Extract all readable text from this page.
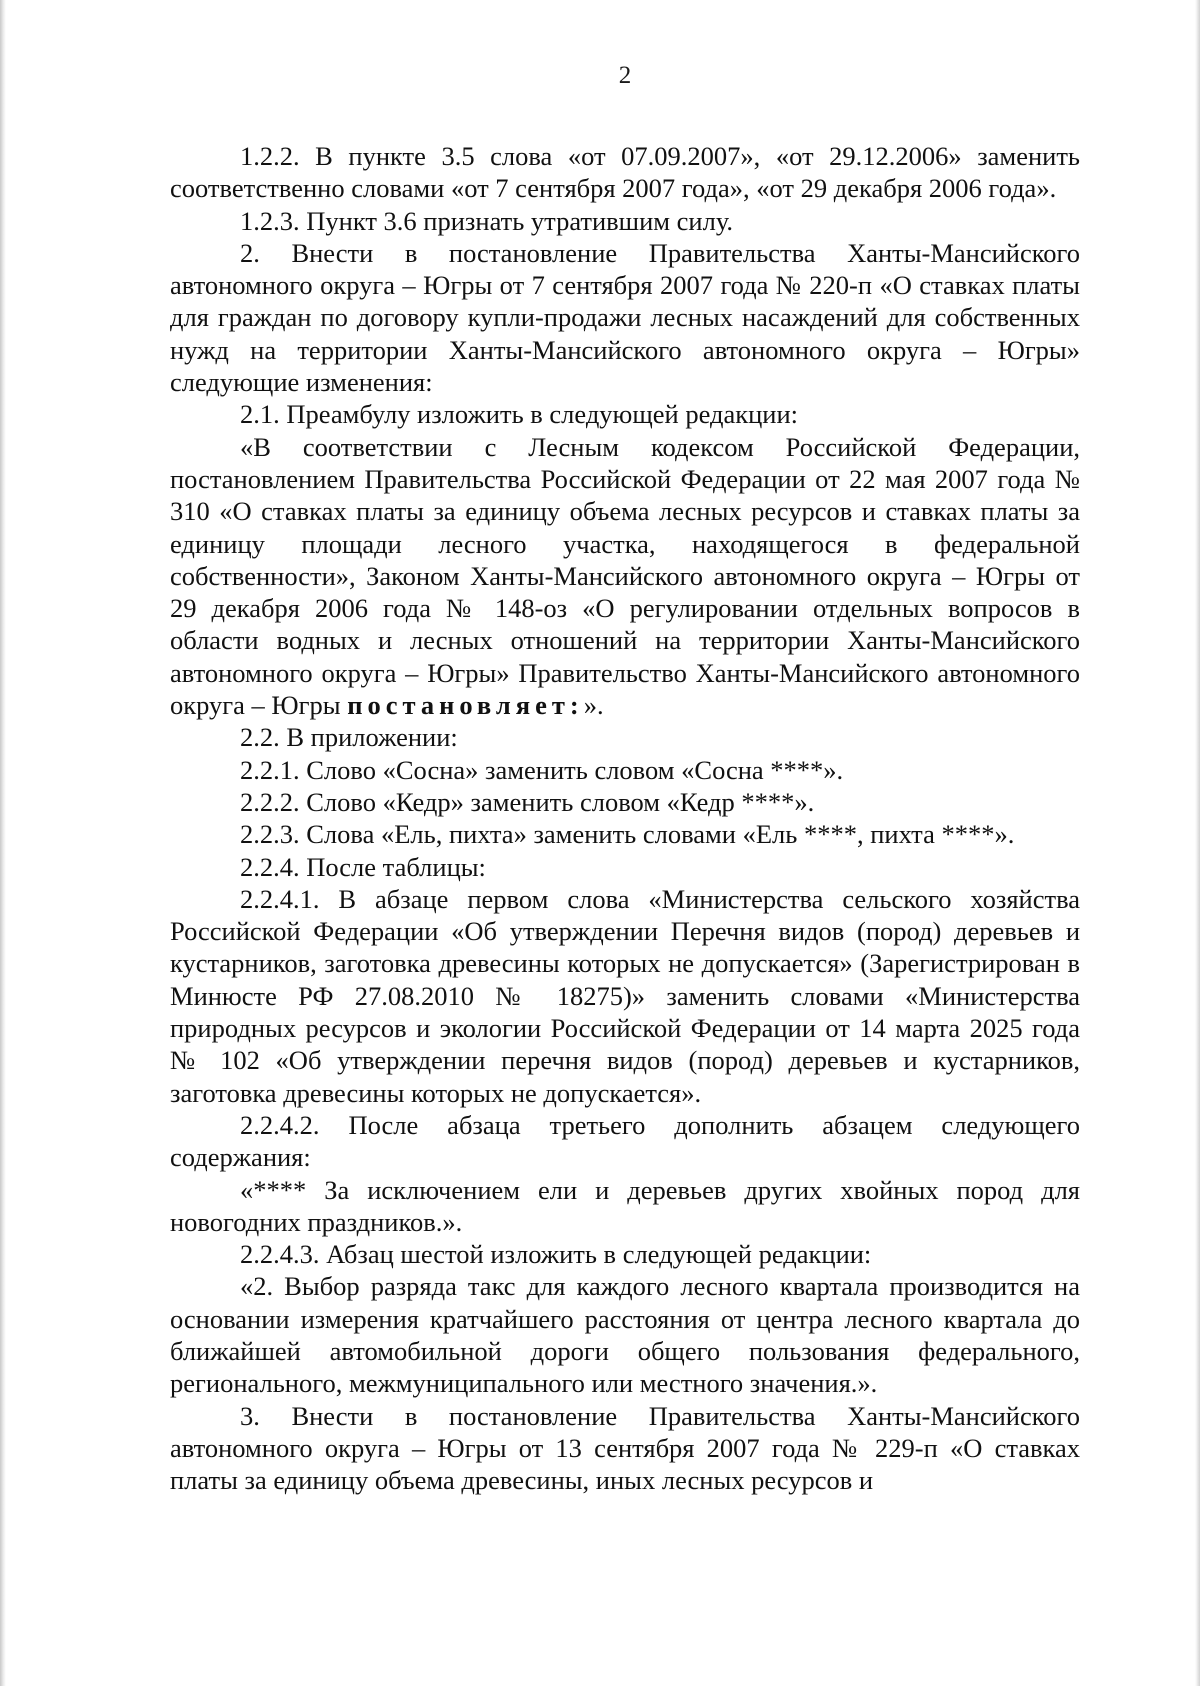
2

1.2.2. В пункте 3.5 слова «от 07.09.2007», «от 29.12.2006» заменить соответственно словами «от 7 сентября 2007 года», «от 29 декабря 2006 года».

1.2.3. Пункт 3.6 признать утратившим силу.

2. Внести в постановление Правительства Ханты-Мансийского автономного округа – Югры от 7 сентября 2007 года № 220-п «О ставках платы для граждан по договору купли-продажи лесных насаждений для собственных нужд на территории Ханты-Мансийского автономного округа – Югры» следующие изменения:

2.1. Преамбулу изложить в следующей редакции:

«В соответствии с Лесным кодексом Российской Федерации, постановлением Правительства Российской Федерации от 22 мая 2007 года № 310 «О ставках платы за единицу объема лесных ресурсов и ставках платы за единицу площади лесного участка, находящегося в федеральной собственности», Законом Ханты-Мансийского автономного округа – Югры от 29 декабря 2006 года № 148-оз «О регулировании отдельных вопросов в области водных и лесных отношений на территории Ханты-Мансийского автономного округа – Югры» Правительство Ханты-Мансийского автономного округа – Югры постановляет:».

2.2. В приложении:

2.2.1. Слово «Сосна» заменить словом «Сосна ****».

2.2.2. Слово «Кедр» заменить словом «Кедр ****».

2.2.3. Слова «Ель, пихта» заменить словами «Ель ****, пихта ****».

2.2.4. После таблицы:

2.2.4.1. В абзаце первом слова «Министерства сельского хозяйства Российской Федерации «Об утверждении Перечня видов (пород) деревьев и кустарников, заготовка древесины которых не допускается» (Зарегистрирован в Минюсте РФ 27.08.2010 № 18275)» заменить словами «Министерства природных ресурсов и экологии Российской Федерации от 14 марта 2025 года № 102 «Об утверждении перечня видов (пород) деревьев и кустарников, заготовка древесины которых не допускается».

2.2.4.2. После абзаца третьего дополнить абзацем следующего содержания:

«**** За исключением ели и деревьев других хвойных пород для новогодних праздников.».

2.2.4.3. Абзац шестой изложить в следующей редакции:

«2. Выбор разряда такс для каждого лесного квартала производится на основании измерения кратчайшего расстояния от центра лесного квартала до ближайшей автомобильной дороги общего пользования федерального, регионального, межмуниципального или местного значения.».

3. Внести в постановление Правительства Ханты-Мансийского автономного округа – Югры от 13 сентября 2007 года № 229-п «О ставках платы за единицу объема древесины, иных лесных ресурсов и
